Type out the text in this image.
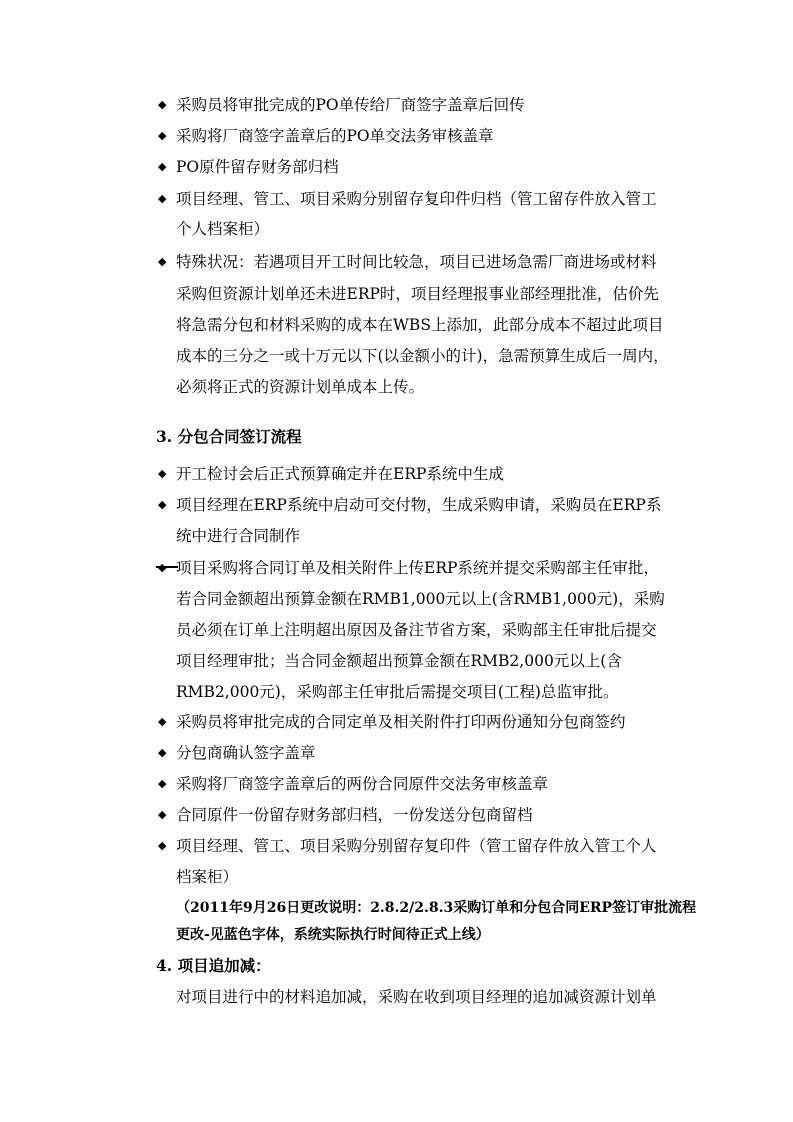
◆ 采购员将审批完成的PO单传给厂商签字盖章后回传
◆ 采购将厂商签字盖章后的PO单交法务审核盖章
◆ PO原件留存财务部归档
◆ 项目经理、管工、项目采购分别留存复印件归档（管工留存件放入管工
个人档案柜）
◆ 特殊状况：若遇项目开工时间比较急，项目已进场急需厂商进场或材料
采购但资源计划单还未进ERP时，项目经理报事业部经理批准，估价先
将急需分包和材料采购的成本在WBS上添加，此部分成本不超过此项目
成本的三分之一或十万元以下(以金额小的计)，急需预算生成后一周内，
必须将正式的资源计划单成本上传。
3. 分包合同签订流程
◆ 开工检讨会后正式预算确定并在ERP系统中生成
◆ 项目经理在ERP系统中启动可交付物，生成采购申请，采购员在ERP系
统中进行合同制作
项目采购将合同订单及相关附件上传ERP系统并提交采购部主任审批，
若合同金额超出预算金额在RMB1,000元以上(含RMB1,000元)，采购
员必须在订单上注明超出原因及备注节省方案，采购部主任审批后提交
项目经理审批；当合同金额超出预算金额在RMB2,000元以上(含
RMB2,000元)，采购部主任审批后需提交项目(工程)总监审批。
◆ 采购员将审批完成的合同定单及相关附件打印两份通知分包商签约
◆ 分包商确认签字盖章
◆ 采购将厂商签字盖章后的两份合同原件交法务审核盖章
◆ 合同原件一份留存财务部归档，一份发送分包商留档
◆ 项目经理、管工、项目采购分别留存复印件（管工留存件放入管工个人
档案柜）
（2011年9月26日更改说明：2.8.2/2.8.3采购订单和分包合同ERP签订审批流程
更改-见蓝色字体，系统实际执行时间待正式上线）
4. 项目追加减：
对项目进行中的材料追加减，采购在收到项目经理的追加减资源计划单
